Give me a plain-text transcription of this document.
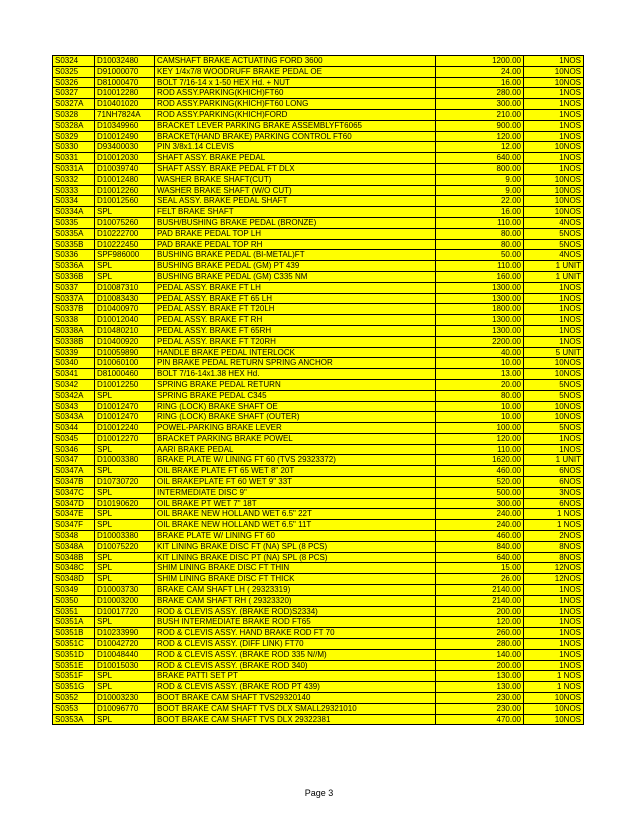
S0324	D10032480	CAMSHAFT BRAKE ACTUATING FORD 3600	1200.00	1NOS
S0325	D91000070	KEY 1/4x7/8 WOODRUFF BRAKE PEDAL OE	24.00	10NOS
S0326	D81000470	BOLT 7/16-14 x 1-50 HEX Hd. + NUT	16.00	10NOS
S0327	D10012280	ROD ASSY.PARKING(KHICH)FT60	280.00	1NOS
S0327A	D10401020	ROD ASSY.PARKING(KHICH)FT60 LONG	300.00	1NOS
S0328	71NH7824A	ROD ASSY.PARKING(KHICH)FORD	210.00	1NOS
S0328A	D10349960	BRACKET LEVER PARKING BRAKE ASSEMBLYFT6065	900.00	1NOS
S0329	D10012490	BRACKET(HAND BRAKE) PARKING CONTROL FT60	120.00	1NOS
S0330	D93400030	PIN 3/8x1.14 CLEVIS	12.00	10NOS
S0331	D10012030	SHAFT ASSY. BRAKE PEDAL	640.00	1NOS
S0331A	D10039740	SHAFT ASSY. BRAKE PEDAL FT DLX	800.00	1NOS
S0332	D10012480	WASHER BRAKE SHAFT(CUT)	9.00	10NOS
S0333	D10012260	WASHER BRAKE SHAFT (W/O CUT)	9.00	10NOS
S0334	D10012560	SEAL ASSY. BRAKE PEDAL SHAFT	22.00	10NOS
S0334A	SPL	FELT BRAKE SHAFT	16.00	10NOS
S0335	D10075260	BUSH/BUSHING BRAKE PEDAL (BRONZE)	110.00	4NOS
S0335A	D10222700	PAD BRAKE PEDAL TOP LH	80.00	5NOS
S0335B	D10222450	PAD BRAKE PEDAL TOP RH	80.00	5NOS
S0336	SPF986000	BUSHING BRAKE PEDAL (BI-METAL)FT	50.00	4NOS
S0336A	SPL	BUSHING BRAKE PEDAL (GM) PT 439	110.00	1 UNIT
S0336B	SPL	BUSHING BRAKE PEDAL (GM) C335 NM	160.00	1 UNIT
S0337	D10087310	PEDAL ASSY. BRAKE FT LH	1300.00	1NOS
S0337A	D10083430	PEDAL ASSY. BRAKE FT 65 LH	1300.00	1NOS
S0337B	D10400970	PEDAL ASSY. BRAKE FT T20LH	1800.00	1NOS
S0338	D10012040	PEDAL ASSY. BRAKE FT RH	1300.00	1NOS
S0338A	D10480210	PEDAL ASSY. BRAKE FT 65RH	1300.00	1NOS
S0338B	D10400920	PEDAL ASSY. BRAKE FT T20RH	2200.00	1NOS
S0339	D10059890	HANDLE BRAKE PEDAL INTERLOCK	40.00	5 UNIT
S0340	D10060100	PIN BRAKE PEDAL RETURN SPRING ANCHOR	10.00	10NOS
S0341	D81000460	BOLT 7/16-14x1.38 HEX Hd.	13.00	10NOS
S0342	D10012250	SPRING BRAKE PEDAL RETURN	20.00	5NOS
S0342A	SPL	SPRING BRAKE PEDAL C345	80.00	5NOS
S0343	D10012470	RING (LOCK) BRAKE SHAFT OE	10.00	10NOS
S0343A	D10012470	RING (LOCK) BRAKE SHAFT (OUTER)	10.00	10NOS
S0344	D10012240	POWEL-PARKING BRAKE LEVER	100.00	5NOS
S0345	D10012270	BRACKET PARKING BRAKE POWEL	120.00	1NOS
S0346	SPL	AARI BRAKE PEDAL	110.00	1NOS
S0347	D10003380	BRAKE PLATE W/ LINING FT 60 (TVS 29323372)	1620.00	1 UNIT
S0347A	SPL	OIL BRAKE PLATE FT 65 WET 8" 20T	460.00	6NOS
S0347B	D10730720	OIL BRAKEPLATE FT 60 WET 9" 33T	520.00	6NOS
S0347C	SPL	INTERMEDIATE DISC 9"	500.00	3NOS
S0347D	D10190620	OIL BRAKE PT WET 7" 18T	300.00	6NOS
S0347E	SPL	OIL BRAKE NEW HOLLAND WET 6.5" 22T	240.00	1 NOS
S0347F	SPL	OIL BRAKE NEW HOLLAND WET 6.5" 11T	240.00	1 NOS
S0348	D10003380	BRAKE PLATE W/ LINING FT 60	460.00	2NOS
S0348A	D10075220	KIT LINING BRAKE DISC FT (NA) SPL (8 PCS)	840.00	8NOS
S0348B	SPL	KIT LINING BRAKE DISC PT (NA) SPL (8 PCS)	640.00	8NOS
S0348C	SPL	SHIM LINING BRAKE DISC FT THIN	15.00	12NOS
S0348D	SPL	SHIM LINING BRAKE DISC FT THICK	26.00	12NOS
S0349	D10003730	BRAKE CAM SHAFT LH ( 29323319)	2140.00	1NOS
S0350	D10003200	BRAKE CAM SHAFT RH ( 29323320)	2140.00	1NOS
S0351	D10017720	ROD & CLEVIS ASSY. (BRAKE ROD)S2334)	200.00	1NOS
S0351A	SPL	BUSH INTERMEDIATE BRAKE ROD FT65	120.00	1NOS
S0351B	D10233990	ROD & CLEVIS ASSY. HAND BRAKE ROD FT 70	260.00	1NOS
S0351C	D10042720	ROD & CLEVIS ASSY. (DIFF LINK) FT70	280.00	1NOS
S0351D	D10048440	ROD & CLEVIS ASSY. (BRAKE ROD 335 N//M)	140.00	1NOS
S0351E	D10015030	ROD & CLEVIS ASSY. (BRAKE ROD 340)	200.00	1NOS
S0351F	SPL	BRAKE PATTI SET PT	130.00	1 NOS
S0351G	SPL	ROD & CLEVIS ASSY. (BRAKE ROD PT 439)	130.00	1 NOS
S0352	D10003230	BOOT BRAKE CAM SHAFT TVS29320140	230.00	10NOS
S0353	D10096770	BOOT BRAKE CAM SHAFT TVS DLX SMALL29321010	230.00	10NOS
S0353A	SPL	BOOT BRAKE CAM SHAFT TVS DLX 29322381	470.00	10NOS
Page 3
